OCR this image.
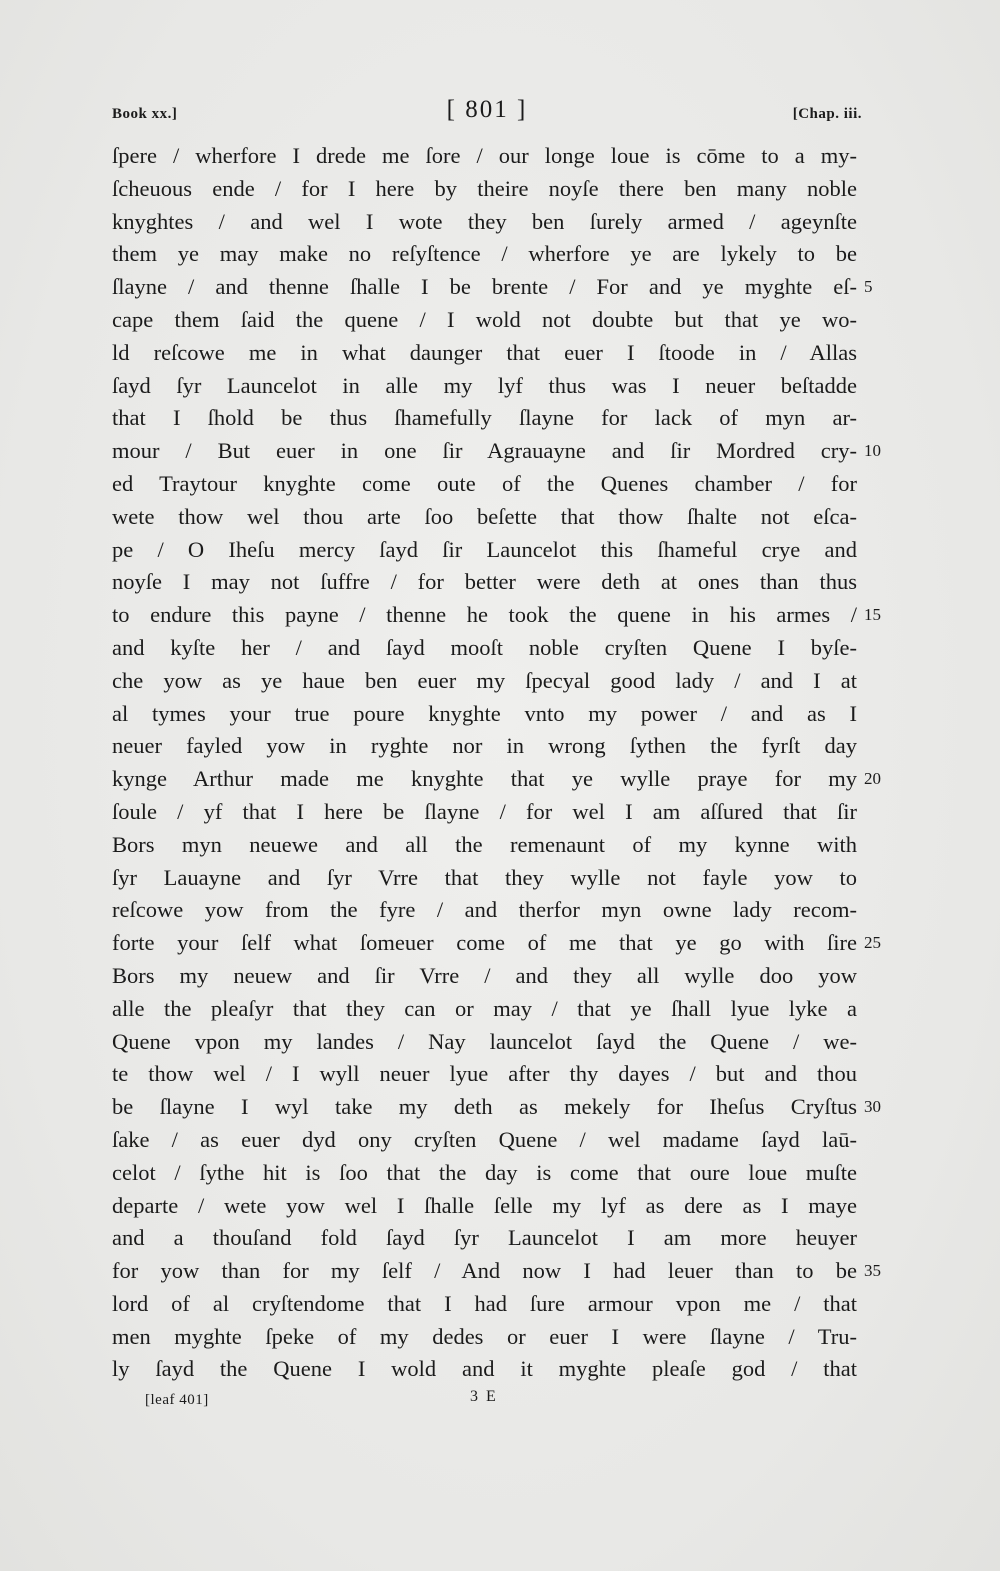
Book xx.]	[ 801 ]	[Chap. iii.
ſpere / wherfore I drede me ſore / our longe loue is cōme to a my-
ſcheuous ende / for I here by theire noyſe there ben many noble
knyghtes / and wel I wote they ben ſurely armed / ageynſte
them ye may make no reſyſtence / wherfore ye are lykely to be
ſlayne / and thenne ſhalle I be brente / For and ye myghte eſ- 5
cape them ſaid the quene / I wold not doubte but that ye wo-
ld reſcowe me in what daunger that euer I ſtoode in / Allas
ſayd ſyr Launcelot in alle my lyf thus was I neuer beſtadde
that I ſhold be thus ſhamefully ſlayne for lack of myn ar-
mour / But euer in one ſir Agrauayne and ſir Mordred cry- 10
ed Traytour knyghte come oute of the Quenes chamber / for
wete thow wel thou arte ſoo beſette that thow ſhalte not eſca-
pe / O Iheſu mercy ſayd ſir Launcelot this ſhameful crye and
noyſe I may not ſuffre / for better were deth at ones than thus
to endure this payne / thenne he took the quene in his armes / 15
and kyſte her / and ſayd mooſt noble cryſten Quene I byſe-
che yow as ye haue ben euer my ſpecyal good lady / and I at
al tymes your true poure knyghte vnto my power / and as I
neuer fayled yow in ryghte nor in wrong ſythen the fyrſt day
kynge Arthur made me knyghte that ye wylle praye for my 20
ſoule / yf that I here be ſlayne / for wel I am aſſured that ſir
Bors myn neuewe and all the remenaunt of my kynne with
ſyr Lauayne and ſyr Vrre that they wylle not fayle yow to
reſcowe yow from the fyre / and therfor myn owne lady recom-
forte your ſelf what ſomeuer come of me that ye go with ſire 25
Bors my neuew and ſir Vrre / and they all wylle doo yow
alle the pleaſyr that they can or may / that ye ſhall lyue lyke a
Quene vpon my landes / Nay launcelot ſayd the Quene / we-
te thow wel / I wyll neuer lyue after thy dayes / but and thou
be ſlayne I wyl take my deth as mekely for Iheſus Cryſtus 30
ſake / as euer dyd ony cryſten Quene / wel madame ſayd laū-
celot / ſythe hit is ſoo that the day is come that oure loue muſte
departe / wete yow wel I ſhalle ſelle my lyf as dere as I maye
and a thouſand fold ſayd ſyr Launcelot I am more heuyer
for yow than for my ſelf / And now I had leuer than to be 35
lord of al cryſtendome that I had ſure armour vpon me / that
men myghte ſpeke of my dedes or euer I were ſlayne / Tru-
ly ſayd the Quene I wold and it myghte pleaſe god / that
[leaf 401]	3 E
